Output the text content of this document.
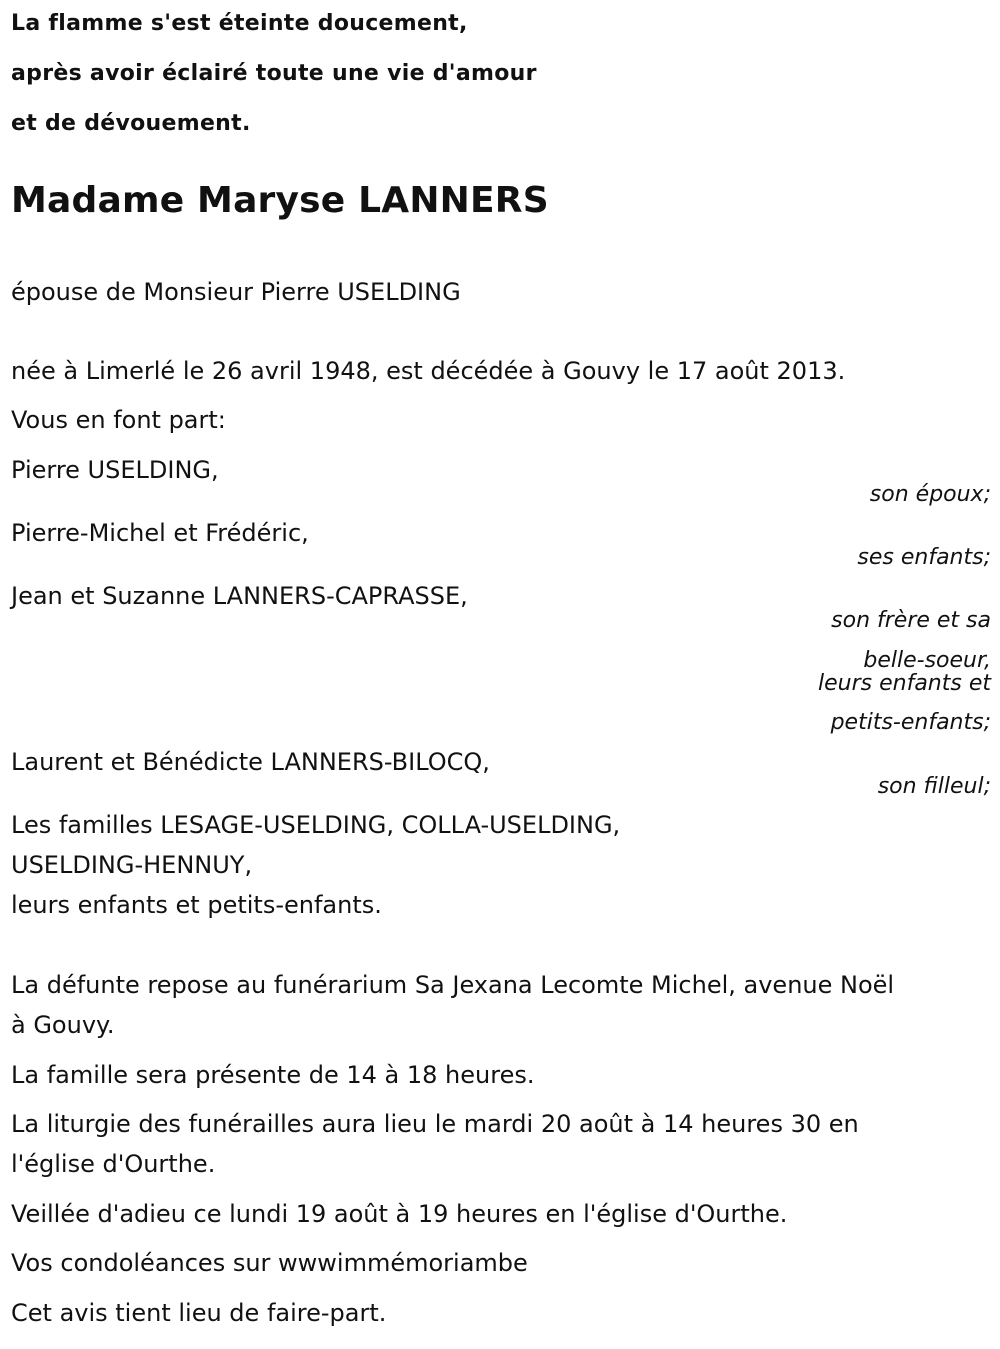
La flamme s'est éteinte doucement,
après avoir éclairé toute une vie d'amour
et de dévouement.
Madame Maryse LANNERS
épouse de Monsieur Pierre USELDING
née à Limerlé le 26 avril 1948, est décédée à Gouvy le 17 août 2013.
Vous en font part:
Pierre USELDING,
son époux;
Pierre-Michel et Frédéric,
ses enfants;
Jean et Suzanne LANNERS-CAPRASSE,
son frère et sa
belle-soeur,
leurs enfants et
petits-enfants;
Laurent et Bénédicte LANNERS-BILOCQ,
son filleul;
Les familles LESAGE-USELDING, COLLA-USELDING,
USELDING-HENNUY,
leurs enfants et petits-enfants.
La défunte repose au funérarium Sa Jexana Lecomte Michel, avenue Noël
à Gouvy.
La famille sera présente de 14 à 18 heures.
La liturgie des funérailles aura lieu le mardi 20 août à 14 heures 30 en
l'église d'Ourthe.
Veillée d'adieu ce lundi 19 août à 19 heures en l'église d'Ourthe.
Vos condoléances sur wwwimmémoriambe
Cet avis tient lieu de faire-part.
